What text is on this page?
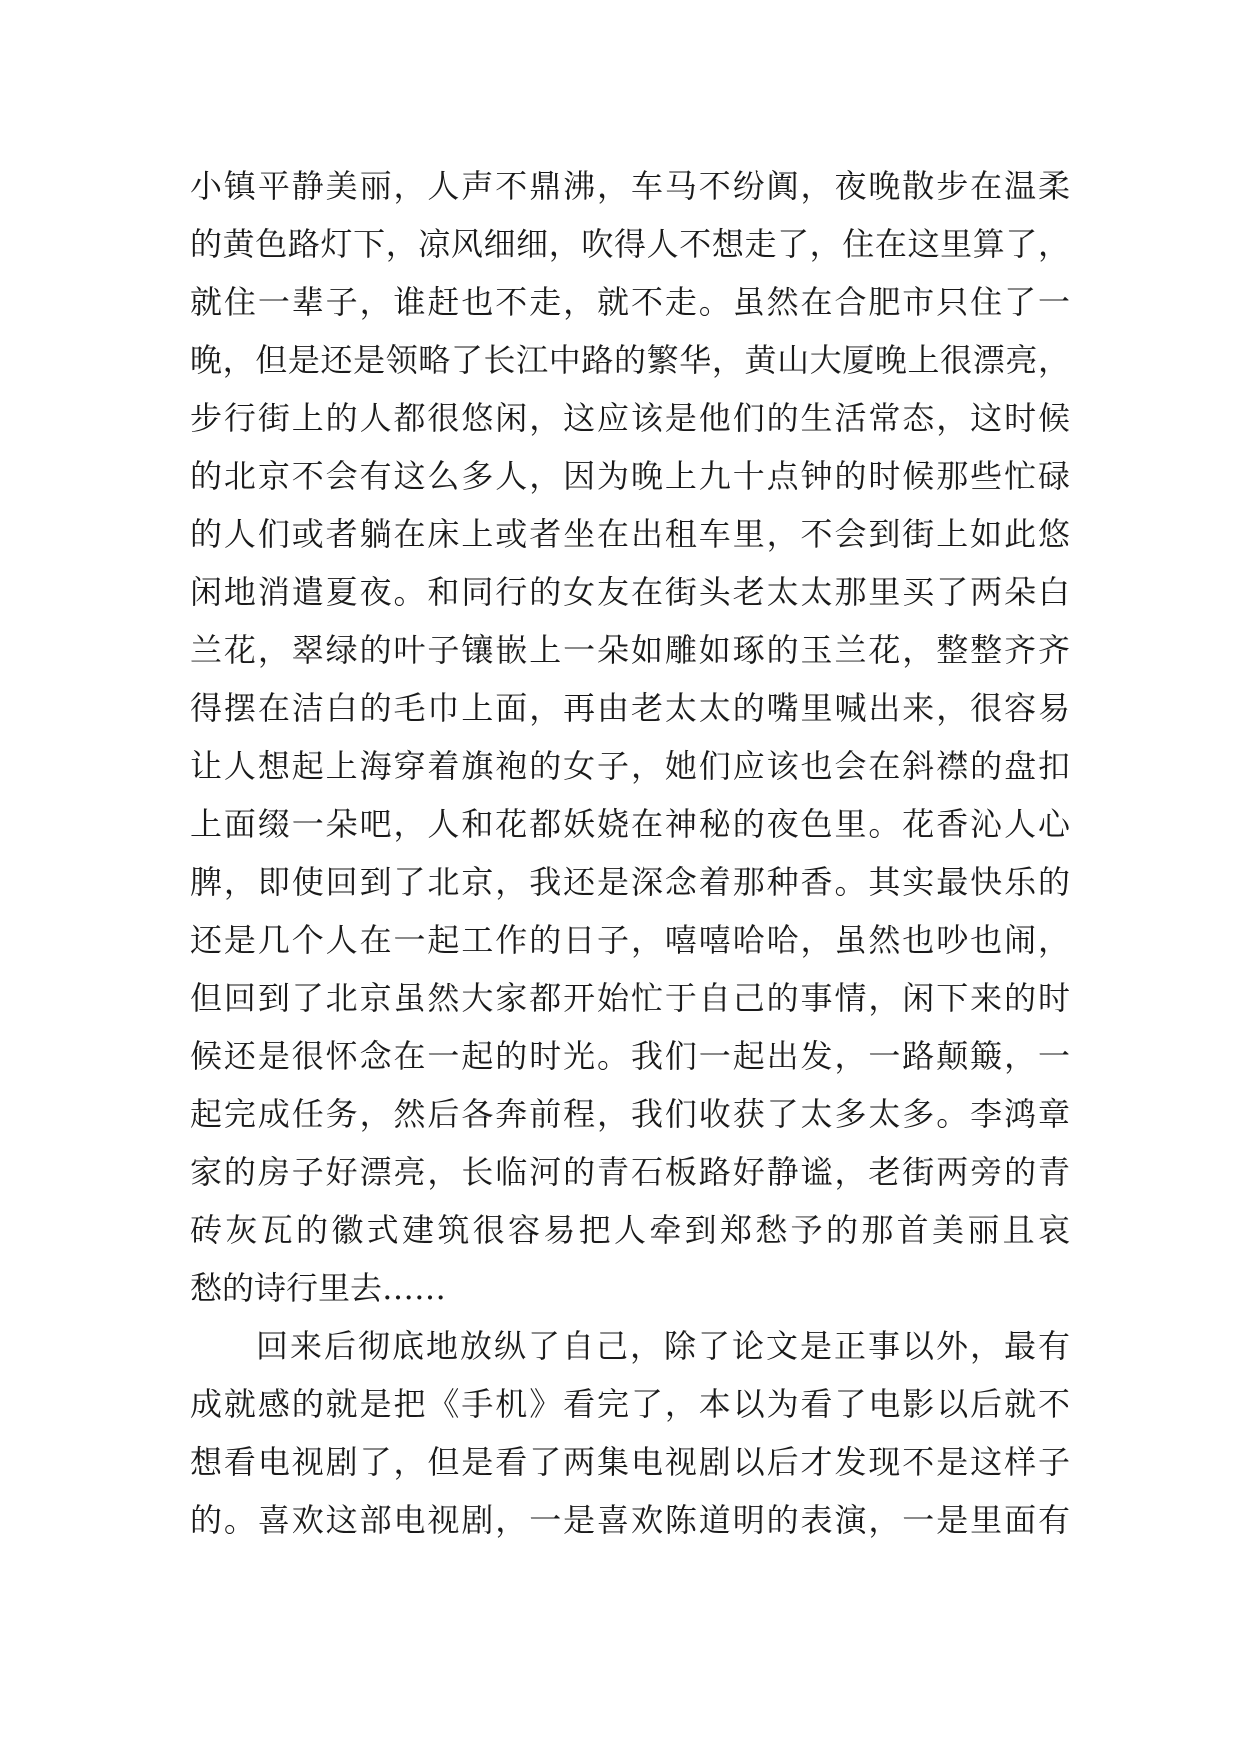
小镇平静美丽，人声不鼎沸，车马不纷阗，夜晚散步在温柔
的黄色路灯下，凉风细细，吹得人不想走了，住在这里算了，
就住一辈子，谁赶也不走，就不走。虽然在合肥市只住了一
晚，但是还是领略了长江中路的繁华，黄山大厦晚上很漂亮，
步行街上的人都很悠闲，这应该是他们的生活常态，这时候
的北京不会有这么多人，因为晚上九十点钟的时候那些忙碌
的人们或者躺在床上或者坐在出租车里，不会到街上如此悠
闲地消遣夏夜。和同行的女友在街头老太太那里买了两朵白
兰花，翠绿的叶子镶嵌上一朵如雕如琢的玉兰花，整整齐齐
得摆在洁白的毛巾上面，再由老太太的嘴里喊出来，很容易
让人想起上海穿着旗袍的女子，她们应该也会在斜襟的盘扣
上面缀一朵吧，人和花都妖娆在神秘的夜色里。花香沁人心
脾，即使回到了北京，我还是深念着那种香。其实最快乐的
还是几个人在一起工作的日子，嘻嘻哈哈，虽然也吵也闹，
但回到了北京虽然大家都开始忙于自己的事情，闲下来的时
候还是很怀念在一起的时光。我们一起出发，一路颠簸，一
起完成任务，然后各奔前程，我们收获了太多太多。李鸿章
家的房子好漂亮，长临河的青石板路好静谧，老街两旁的青
砖灰瓦的徽式建筑很容易把人牵到郑愁予的那首美丽且哀
愁的诗行里去……
回来后彻底地放纵了自己，除了论文是正事以外，最有
成就感的就是把《手机》看完了，本以为看了电影以后就不
想看电视剧了，但是看了两集电视剧以后才发现不是这样子
的。喜欢这部电视剧，一是喜欢陈道明的表演，一是里面有
